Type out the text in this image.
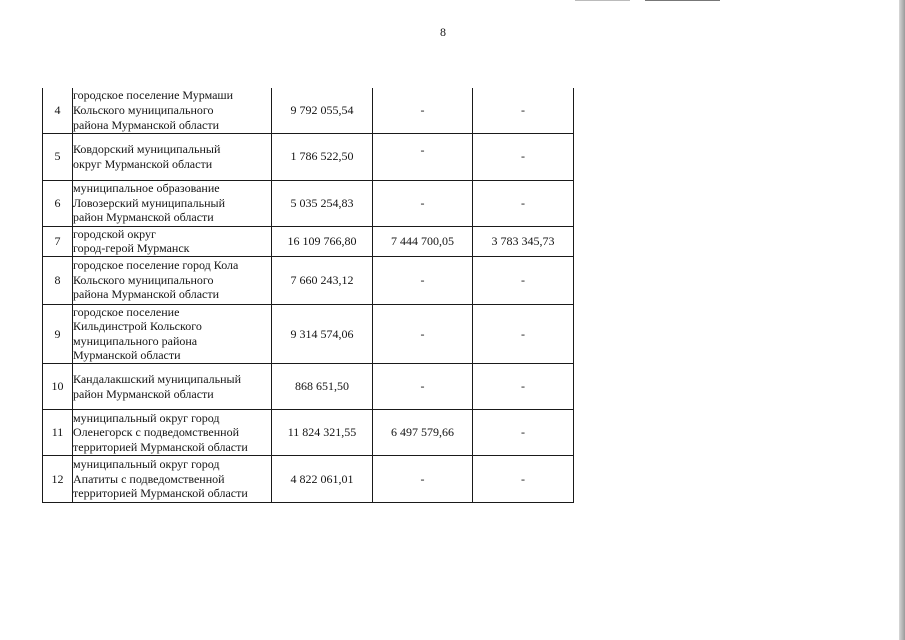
8
4	городское поселение Мурмаши
Кольского муниципального
района Мурманской области	9 792 055,54	-	-
5	Ковдорский муниципальный
округ Мурманской области	1 786 522,50	-	-
6	муниципальное образование
Ловозерский муниципальный
район Мурманской области	5 035 254,83	-	-
7	городской округ
город-герой Мурманск	16 109 766,80	7 444 700,05	3 783 345,73
8	городское поселение город Кола
Кольского муниципального
района Мурманской области	7 660 243,12	-	-
9	городское поселение
Кильдинстрой Кольского
муниципального района
Мурманской области	9 314 574,06	-	-
10	Кандалакшский муниципальный
район Мурманской области	868 651,50	-	-
11	муниципальный округ город
Оленегорск с подведомственной
территорией Мурманской области	11 824 321,55	6 497 579,66	-
12	муниципальный округ город
Апатиты с подведомственной
территорией Мурманской области	4 822 061,01	-	-
